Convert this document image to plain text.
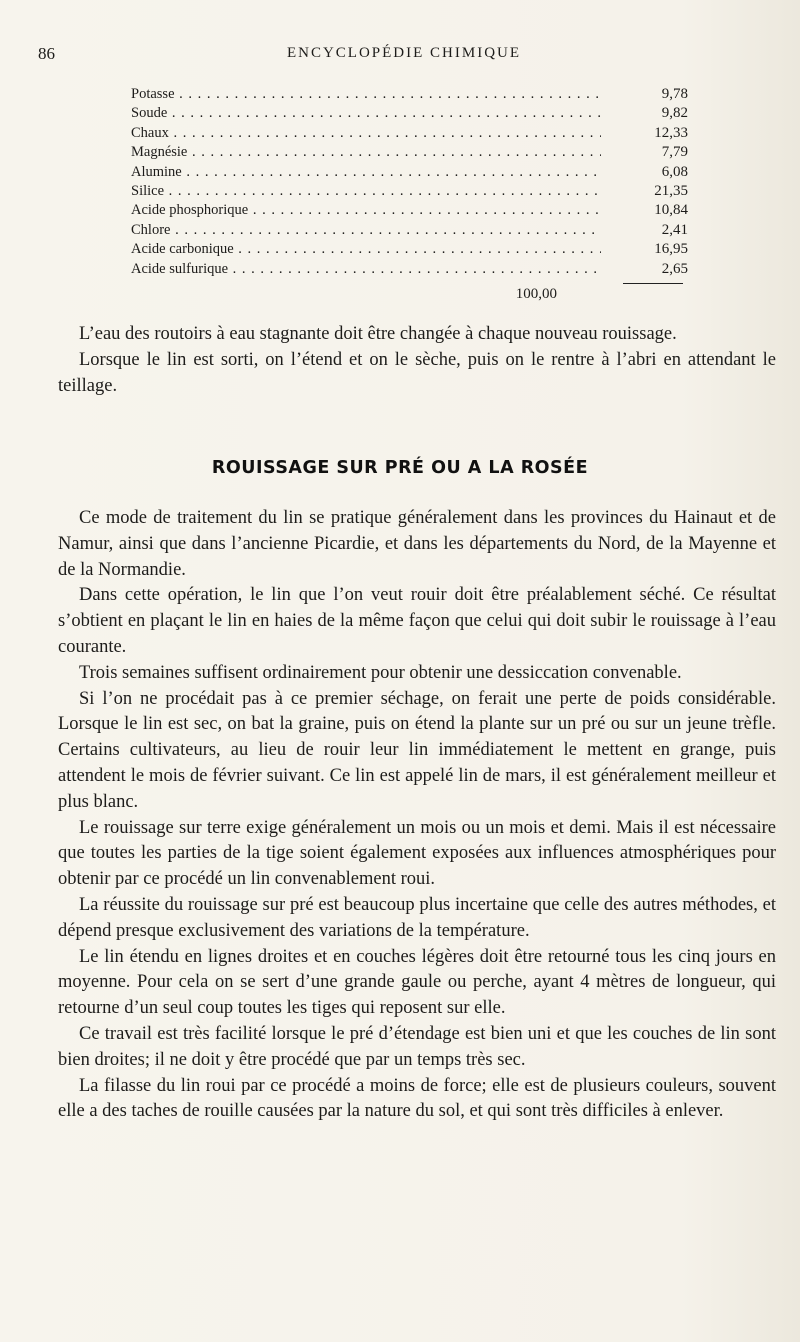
86	ENCYCLOPÉDIE CHIMIQUE
Potasse . . .	9,78
Soude . . .	9,82
Chaux . . .	12,33
Magnésie . . .	7,79
Alumine . . .	6,08
Silice . . .	21,35
Acide phosphorique . . .	10,84
Chlore . . .	2,41
Acide carbonique . . .	16,95
Acide sulfurique . . .	2,65
100,00

L’eau des routoirs à eau stagnante doit être changée à chaque nouveau rouissage.

Lorsque le lin est sorti, on l’étend et on le sèche, puis on le rentre à l’abri en attendant le teillage.

ROUISSAGE SUR PRÉ OU A LA ROSÉE

Ce mode de traitement du lin se pratique généralement dans les provinces du Hainaut et de Namur, ainsi que dans l’ancienne Picardie, et dans les départements du Nord, de la Mayenne et de la Normandie.

Dans cette opération, le lin que l’on veut rouir doit être préalablement séché. Ce résultat s’obtient en plaçant le lin en haies de la même façon que celui qui doit subir le rouissage à l’eau courante.

Trois semaines suffisent ordinairement pour obtenir une dessiccation convenable.

Si l’on ne procédait pas à ce premier séchage, on ferait une perte de poids considérable. Lorsque le lin est sec, on bat la graine, puis on étend la plante sur un pré ou sur un jeune trèfle. Certains cultivateurs, au lieu de rouir leur lin immédiatement le mettent en grange, puis attendent le mois de février suivant. Ce lin est appelé lin de mars, il est généralement meilleur et plus blanc.

Le rouissage sur terre exige généralement un mois ou un mois et demi. Mais il est nécessaire que toutes les parties de la tige soient également exposées aux influences atmosphériques pour obtenir par ce procédé un lin convenablement roui.

La réussite du rouissage sur pré est beaucoup plus incertaine que celle des autres méthodes, et dépend presque exclusivement des variations de la température.

Le lin étendu en lignes droites et en couches légères doit être retourné tous les cinq jours en moyenne. Pour cela on se sert d’une grande gaule ou perche, ayant 4 mètres de longueur, qui retourne d’un seul coup toutes les tiges qui reposent sur elle.

Ce travail est très facilité lorsque le pré d’étendage est bien uni et que les couches de lin sont bien droites; il ne doit y être procédé que par un temps très sec.

La filasse du lin roui par ce procédé a moins de force; elle est de plusieurs couleurs, souvent elle a des taches de rouille causées par la nature du sol, et qui sont très difficiles à enlever.
